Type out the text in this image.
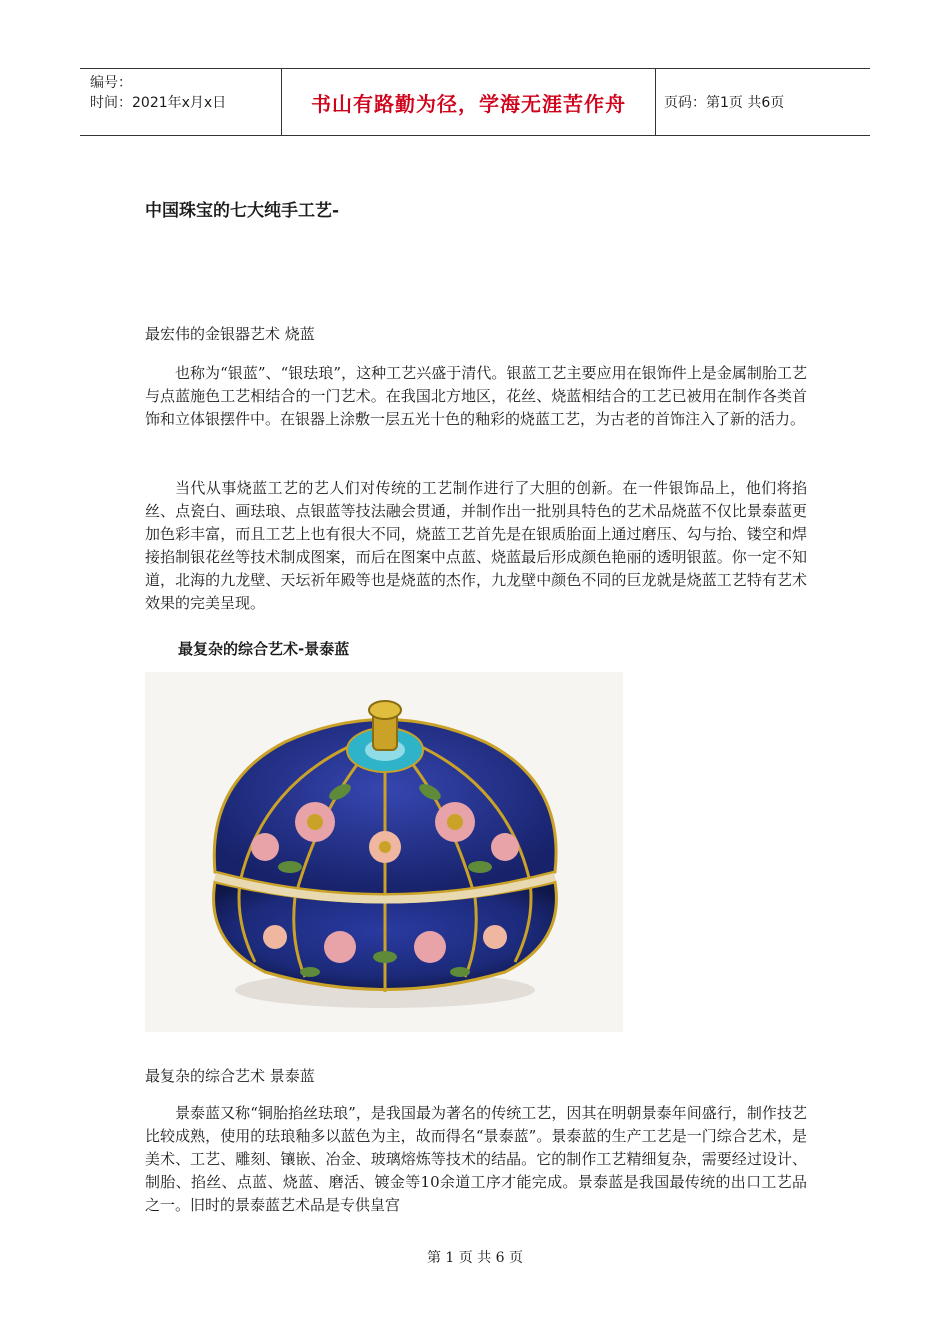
编号：
时间：2021年x月x日	书山有路勤为径，学海无涯苦作舟	页码：第1页 共6页
中国珠宝的七大纯手工艺-
最宏伟的金银器艺术 烧蓝

也称为“银蓝”、“银珐琅”，这种工艺兴盛于清代。银蓝工艺主要应用在银饰件上是金属制胎工艺与点蓝施色工艺相结合的一门艺术。在我国北方地区，花丝、烧蓝相结合的工艺已被用在制作各类首饰和立体银摆件中。在银器上涂敷一层五光十色的釉彩的烧蓝工艺，为古老的首饰注入了新的活力。

当代从事烧蓝工艺的艺人们对传统的工艺制作进行了大胆的创新。在一件银饰品上，他们将掐丝、点瓷白、画珐琅、点银蓝等技法融会贯通，并制作出一批别具特色的艺术品烧蓝不仅比景泰蓝更加色彩丰富，而且工艺上也有很大不同，烧蓝工艺首先是在银质胎面上通过磨压、勾与抬、镂空和焊接掐制银花丝等技术制成图案，而后在图案中点蓝、烧蓝最后形成颜色艳丽的透明银蓝。你一定不知道，北海的九龙壁、天坛祈年殿等也是烧蓝的杰作，九龙壁中颜色不同的巨龙就是烧蓝工艺特有艺术效果的完美呈现。

最复杂的综合艺术-景泰蓝
最复杂的综合艺术 景泰蓝

景泰蓝又称“铜胎掐丝珐琅”，是我国最为著名的传统工艺，因其在明朝景泰年间盛行，制作技艺比较成熟，使用的珐琅釉多以蓝色为主，故而得名“景泰蓝”。景泰蓝的生产工艺是一门综合艺术，是美术、工艺、雕刻、镶嵌、冶金、玻璃熔炼等技术的结晶。它的制作工艺精细复杂，需要经过设计、制胎、掐丝、点蓝、烧蓝、磨活、镀金等10余道工序才能完成。景泰蓝是我国最传统的出口工艺品之一。旧时的景泰蓝艺术品是专供皇宫

第 1 页 共 6 页
